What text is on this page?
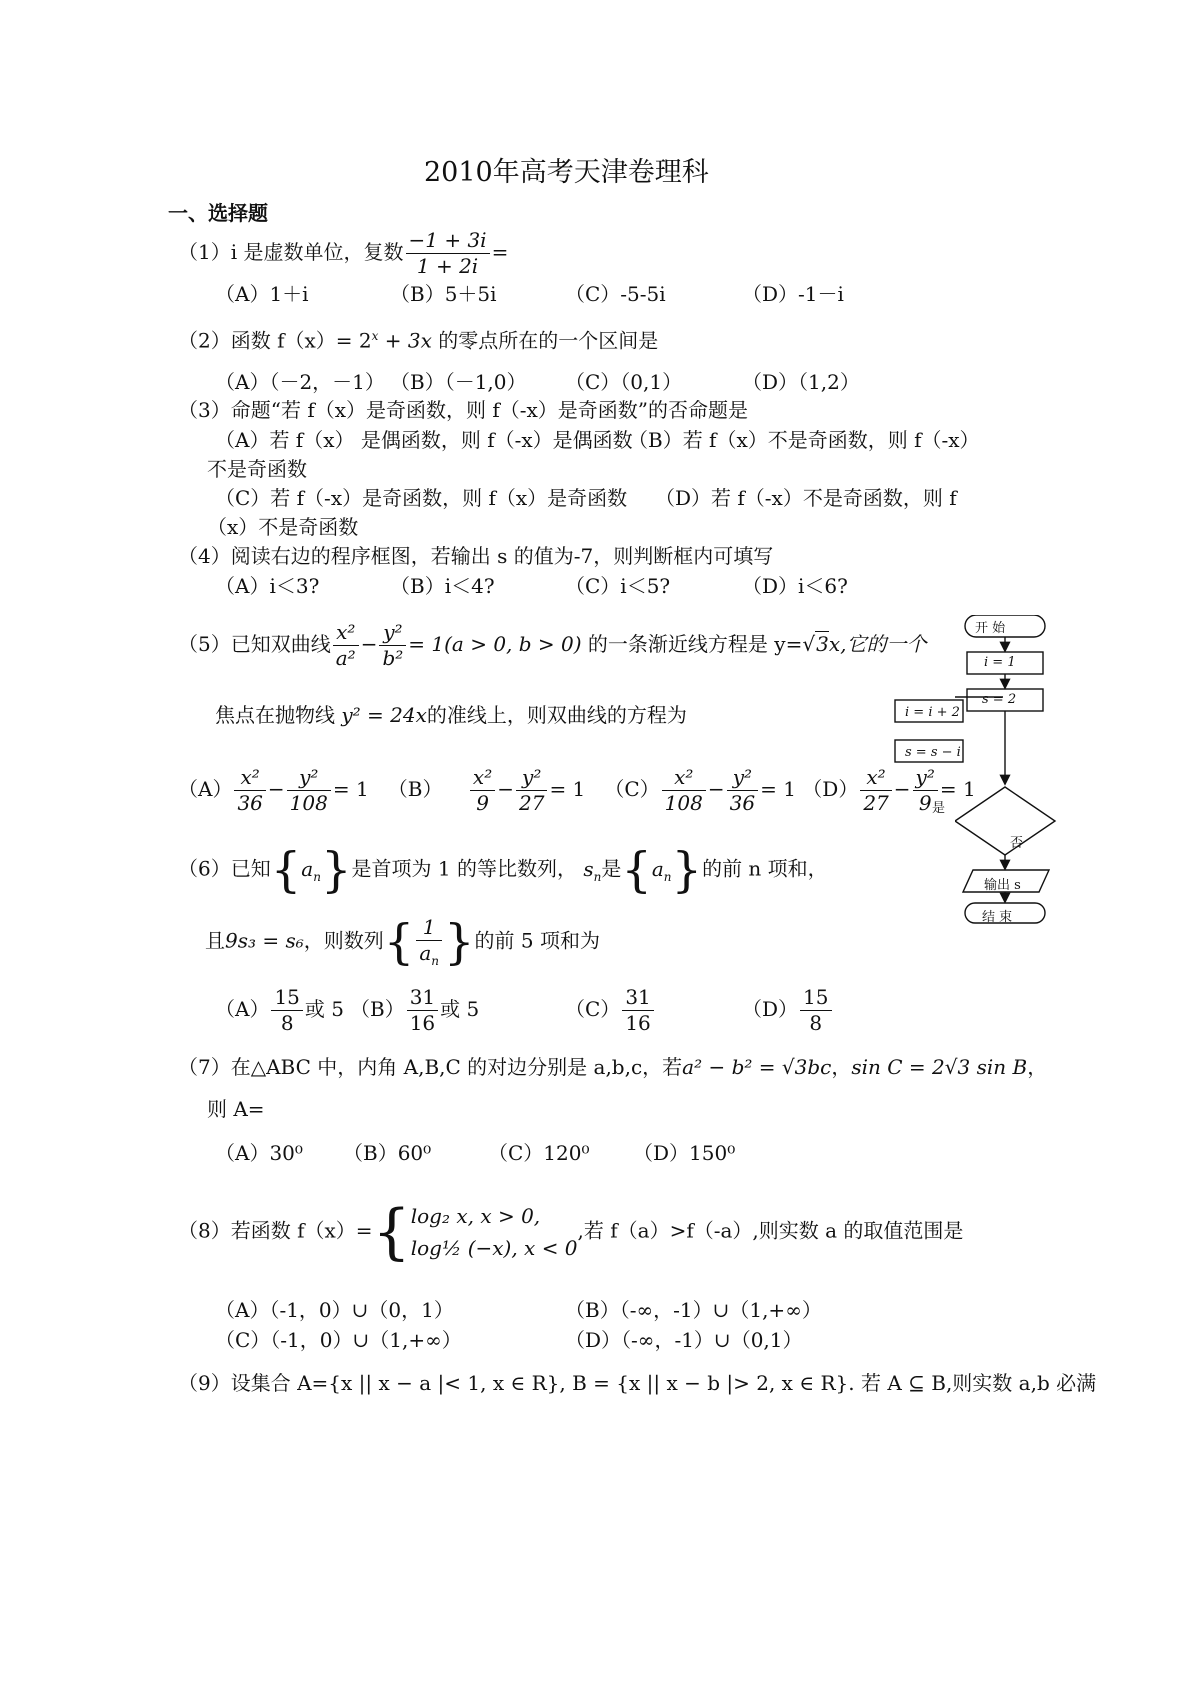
2010年高考天津卷理科
一、选择题
（1）i 是虚数单位，复数 $\frac{-1 + 3i}{1 + 2i}$ =
（A）1＋i	（B）5＋5i	（C）-5-5i	（D）-1－i
（2）函数 $f(x)= 2^x + 3x$ 的零点所在的一个区间是
（A）（－2，－1） （B）（－1,0） （C）（0,1）	（D）（1,2）
（3）命题“若 f（x）是奇函数，则 f（-x）是奇函数”的否命题是
（A）若 f（x） 是偶函数，则 f（-x）是偶函数
（B）若 f（x）不是奇函数，则 f（-x）
不是奇函数
（C）若 f（-x）是奇函数，则 f（x）是奇函数 （D）若 f（-x）不是奇函数，则 f
（x）不是奇函数
（4）阅读右边的程序框图，若输出 s 的值为-7，则判断框内可填写
（A）i＜3?	（B）i＜4?	（C）i＜5?	（D）i＜6?
（5）已知双曲线 $\frac{\text{x²}}{\text{a²}} - \frac{\text{y²}}{\text{b²}} = 1(a > 0$, b > 0) 的一条渐近线方程是 y=√3x,它的一个
焦点在抛物线 y² = 24x的准线上，则双曲线的方程为
$(A) \frac{\text{x²}}{36} - \frac{\text{y²}}{108} = 1$ $(B) \frac{\text{x²}}{9} - \frac{\text{y²}}{27} = 1$ $(C) \frac{\text{x²}}{108} - \frac{\text{y²}}{36} = 1$ $(D) \frac{\text{x²}}{27} - \frac{\text{y²}}{9} = 1$
（6）已知$\{a_n\}$是首项为 1 的等比数列， $s_n$是$\{a_n\}$的前 n 项和，
且9s₃ = s₆，则数列{ $\frac{1}{a_n}$ }的前 5 项和为
$(A) \frac{15}{8}$ 或 5 $(B) \frac{31}{16}$ 或 5	$(C) \frac{31}{16}$	$(D) \frac{15}{8}$
（7）在△ABC 中，内角 A,B,C 的对边分别是 a,b,c，若a² − b² = √3bc，sin C = 2√3 sin B，
则 A=
（A）30⁰ （B）60⁰	（C）120⁰ （D）150⁰
（8）若函数 f（x）={log₂ x, x > 0,
log½ (−x), x < 0,若 f（a）>f（-a）,则实数 a 的取值范围是
（A）（-1，0）∪（0，1）	（B）（-∞，-1）∪（1,+∞）
（C）（-1，0）∪（1,+∞）	（D）（-∞，-1）∪（0,1）
（9）设集合 A={x || x − a |< 1, x ∈ R}, B = {x || x − b |> 2, x ∈ R}. 若 A ⊆ B,则实数 a,b 必满
开 始
i = 1
s = 2
i = i + 2
s = s − i
是
否
输出 s
结 束
